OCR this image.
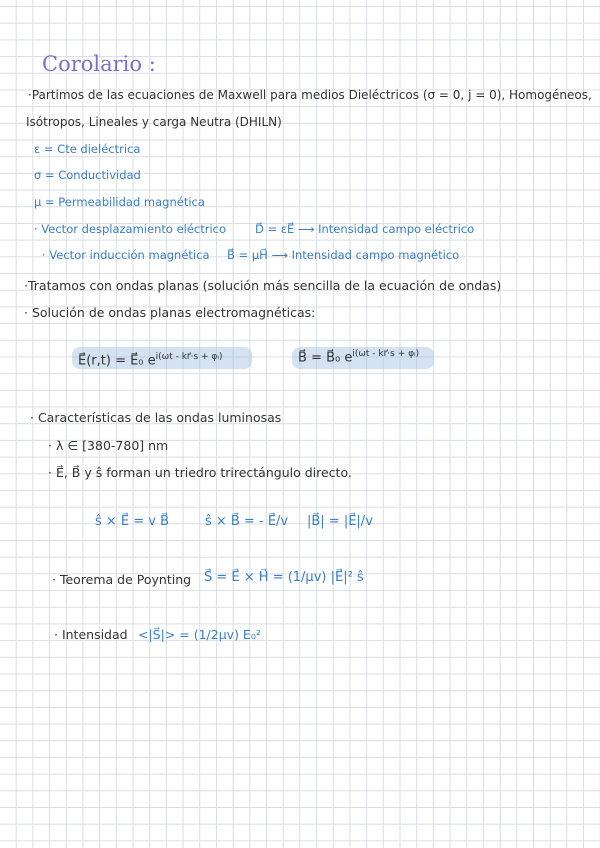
Corolario :
·Partimos de las ecuaciones de Maxwell para medios Dieléctricos (σ = 0, j = 0), Homogéneos,
Isótropos, Lineales y carga Neutra (DHILN)
ε = Cte dieléctrica
σ = Conductividad
μ = Permeabilidad magnética
· Vector desplazamiento eléctrico	D⃗ = εE⃗ ⟶ Intensidad campo eléctrico
· Vector inducción magnética B⃗ = μH⃗ ⟶ Intensidad campo magnético
·Tratamos con ondas planas (solución más sencilla de la ecuación de ondas)
· Solución de ondas planas electromagnéticas:
E⃗(r,t) = E⃗₀ $e^{i(\omega t - kr⃗\cdot s + \varphi ᵢ)}$	B⃗ = B⃗₀ $e^{i(\omega t - kr⃗\cdot s + \varphi ᵢ)}$
· Características de las ondas luminosas
· λ ∈ [380-780] nm
· E⃗, B⃗ y ŝ forman un triedro trirectángulo directo.
ŝ × E⃗ = v B⃗	ŝ × B⃗ = - E⃗/v |B⃗| = |E⃗|/v
· Teorema de Poynting S⃗ = E⃗ × H⃗ = (1/μv) |E⃗|² ŝ
· Intensidad <|S⃗|> = (1/2μv) E₀²
